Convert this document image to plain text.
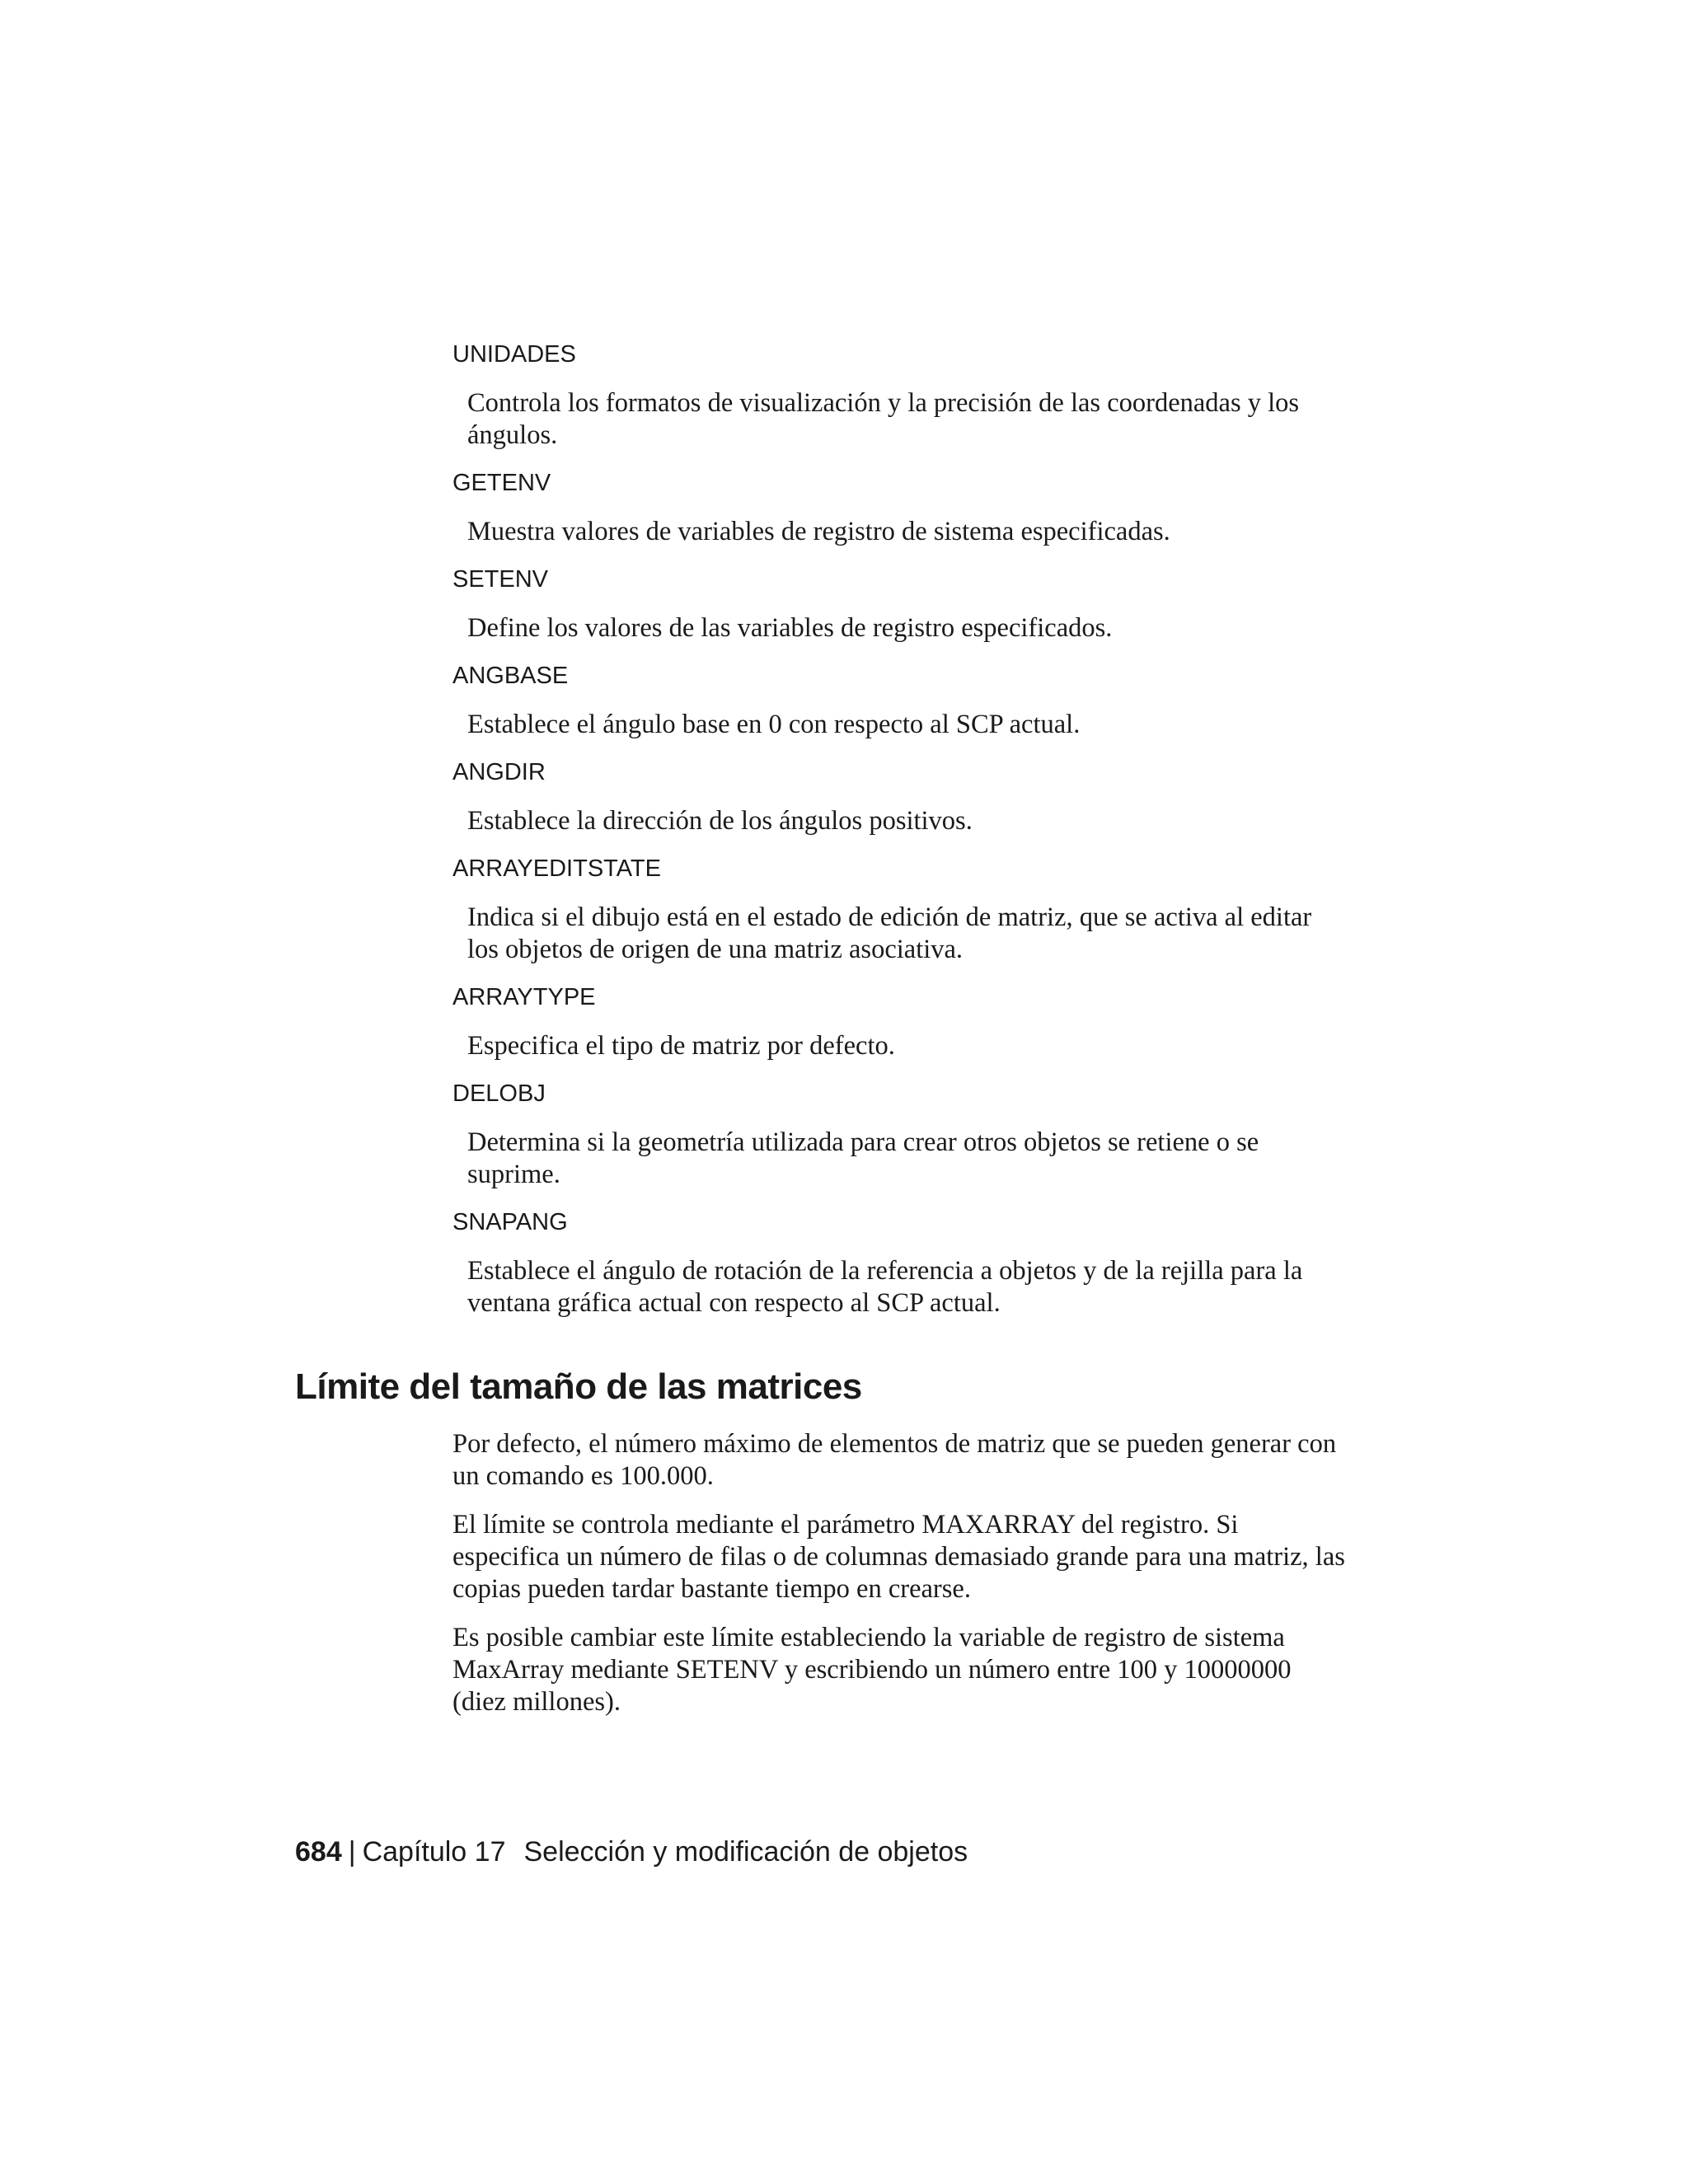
UNIDADES
Controla los formatos de visualización y la precisión de las coordenadas y los ángulos.
GETENV
Muestra valores de variables de registro de sistema especificadas.
SETENV
Define los valores de las variables de registro especificados.
ANGBASE
Establece el ángulo base en 0 con respecto al SCP actual.
ANGDIR
Establece la dirección de los ángulos positivos.
ARRAYEDITSTATE
Indica si el dibujo está en el estado de edición de matriz, que se activa al editar los objetos de origen de una matriz asociativa.
ARRAYTYPE
Especifica el tipo de matriz por defecto.
DELOBJ
Determina si la geometría utilizada para crear otros objetos se retiene o se suprime.
SNAPANG
Establece el ángulo de rotación de la referencia a objetos y de la rejilla para la ventana gráfica actual con respecto al SCP actual.
Límite del tamaño de las matrices

Por defecto, el número máximo de elementos de matriz que se pueden generar con un comando es 100.000.

El límite se controla mediante el parámetro MAXARRAY del registro. Si especifica un número de filas o de columnas demasiado grande para una matriz, las copias pueden tardar bastante tiempo en crearse.

Es posible cambiar este límite estableciendo la variable de registro de sistema MaxArray mediante SETENV y escribiendo un número entre 100 y 10000000 (diez millones).

684 | Capítulo 17 Selección y modificación de objetos
